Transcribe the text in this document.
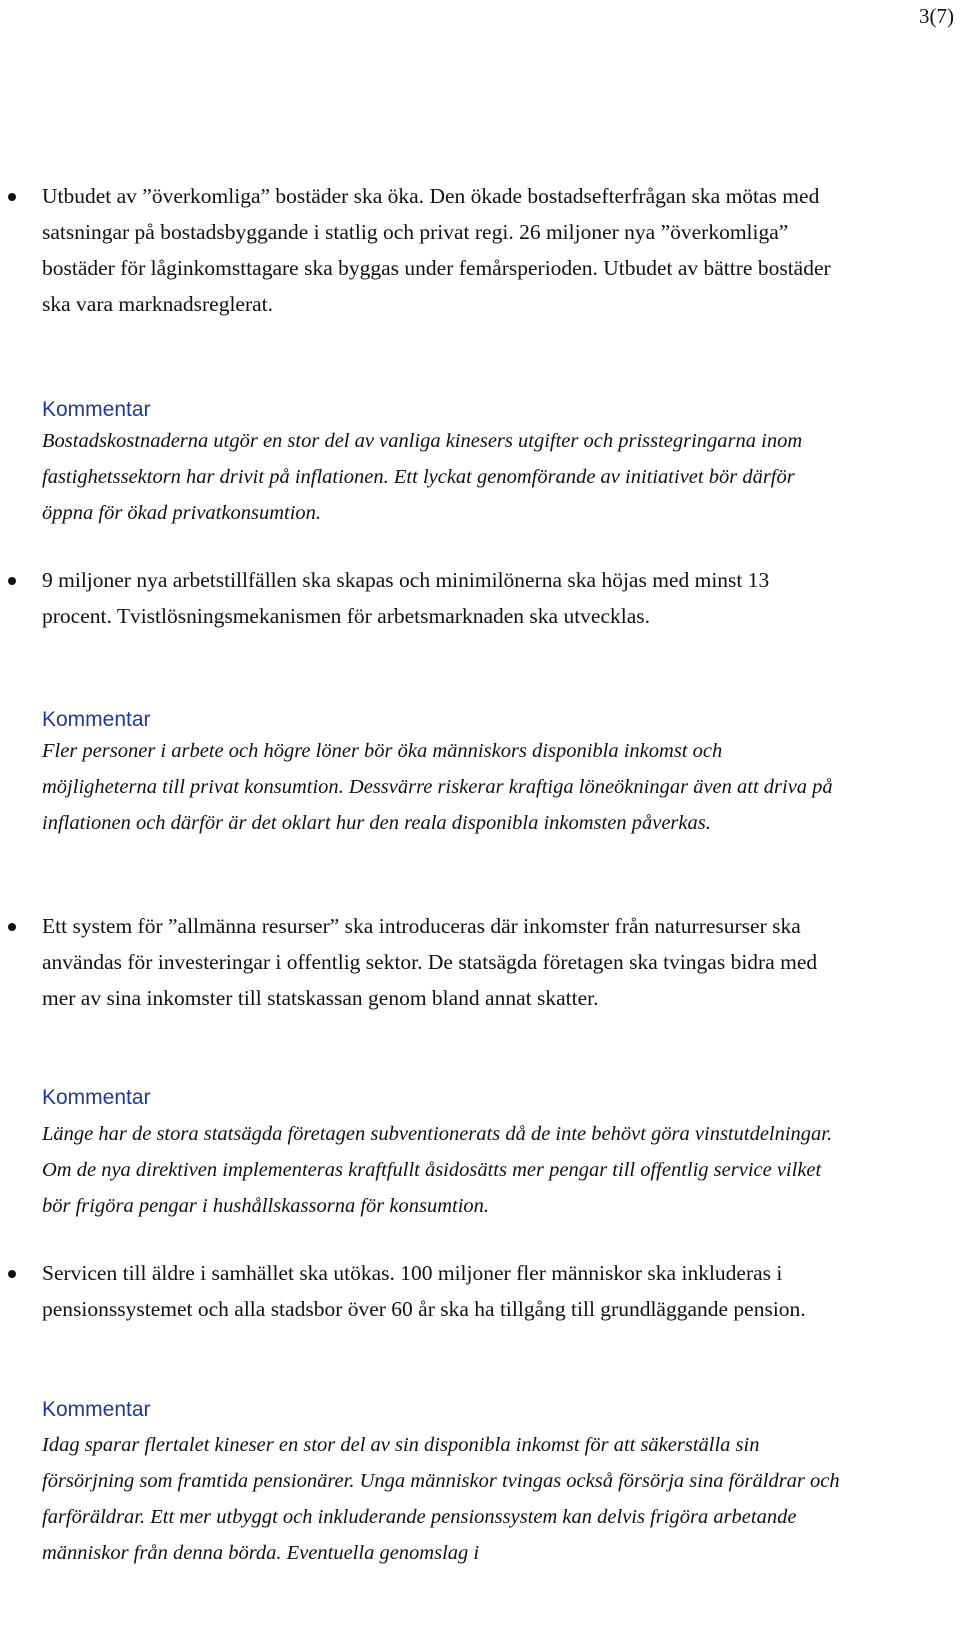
3(7)
Utbudet av ”överkomliga” bostäder ska öka. Den ökade bostadsefterfrågan ska mötas med satsningar på bostadsbyggande i statlig och privat regi. 26 miljoner nya ”överkomliga” bostäder för låginkomsttagare ska byggas under femårsperioden. Utbudet av bättre bostäder ska vara marknadsreglerat.
Kommentar
Bostadskostnaderna utgör en stor del av vanliga kinesers utgifter och prisstegringarna inom fastighetssektorn har drivit på inflationen. Ett lyckat genomförande av initiativet bör därför öppna för ökad privatkonsumtion.
9 miljoner nya arbetstillfällen ska skapas och minimilönerna ska höjas med minst 13 procent. Tvistlösningsmekanismen för arbetsmarknaden ska utvecklas.
Kommentar
Fler personer i arbete och högre löner bör öka människors disponibla inkomst och möjligheterna till privat konsumtion. Dessvärre riskerar kraftiga löneökningar även att driva på inflationen och därför är det oklart hur den reala disponibla inkomsten påverkas.
Ett system för ”allmänna resurser” ska introduceras där inkomster från naturresurser ska användas för investeringar i offentlig sektor. De statsägda företagen ska tvingas bidra med mer av sina inkomster till statskassan genom bland annat skatter.
Kommentar
Länge har de stora statsägda företagen subventionerats då de inte behövt göra vinstutdelningar. Om de nya direktiven implementeras kraftfullt åsidosätts mer pengar till offentlig service vilket bör frigöra pengar i hushållskassorna för konsumtion.
Servicen till äldre i samhället ska utökas. 100 miljoner fler människor ska inkluderas i pensionssystemet och alla stadsbor över 60 år ska ha tillgång till grundläggande pension.
Kommentar
Idag sparar flertalet kineser en stor del av sin disponibla inkomst för att säkerställa sin försörjning som framtida pensionärer. Unga människor tvingas också försörja sina föräldrar och farföräldrar. Ett mer utbyggt och inkluderande pensionssystem kan delvis frigöra arbetande människor från denna börda. Eventuella genomslag i
